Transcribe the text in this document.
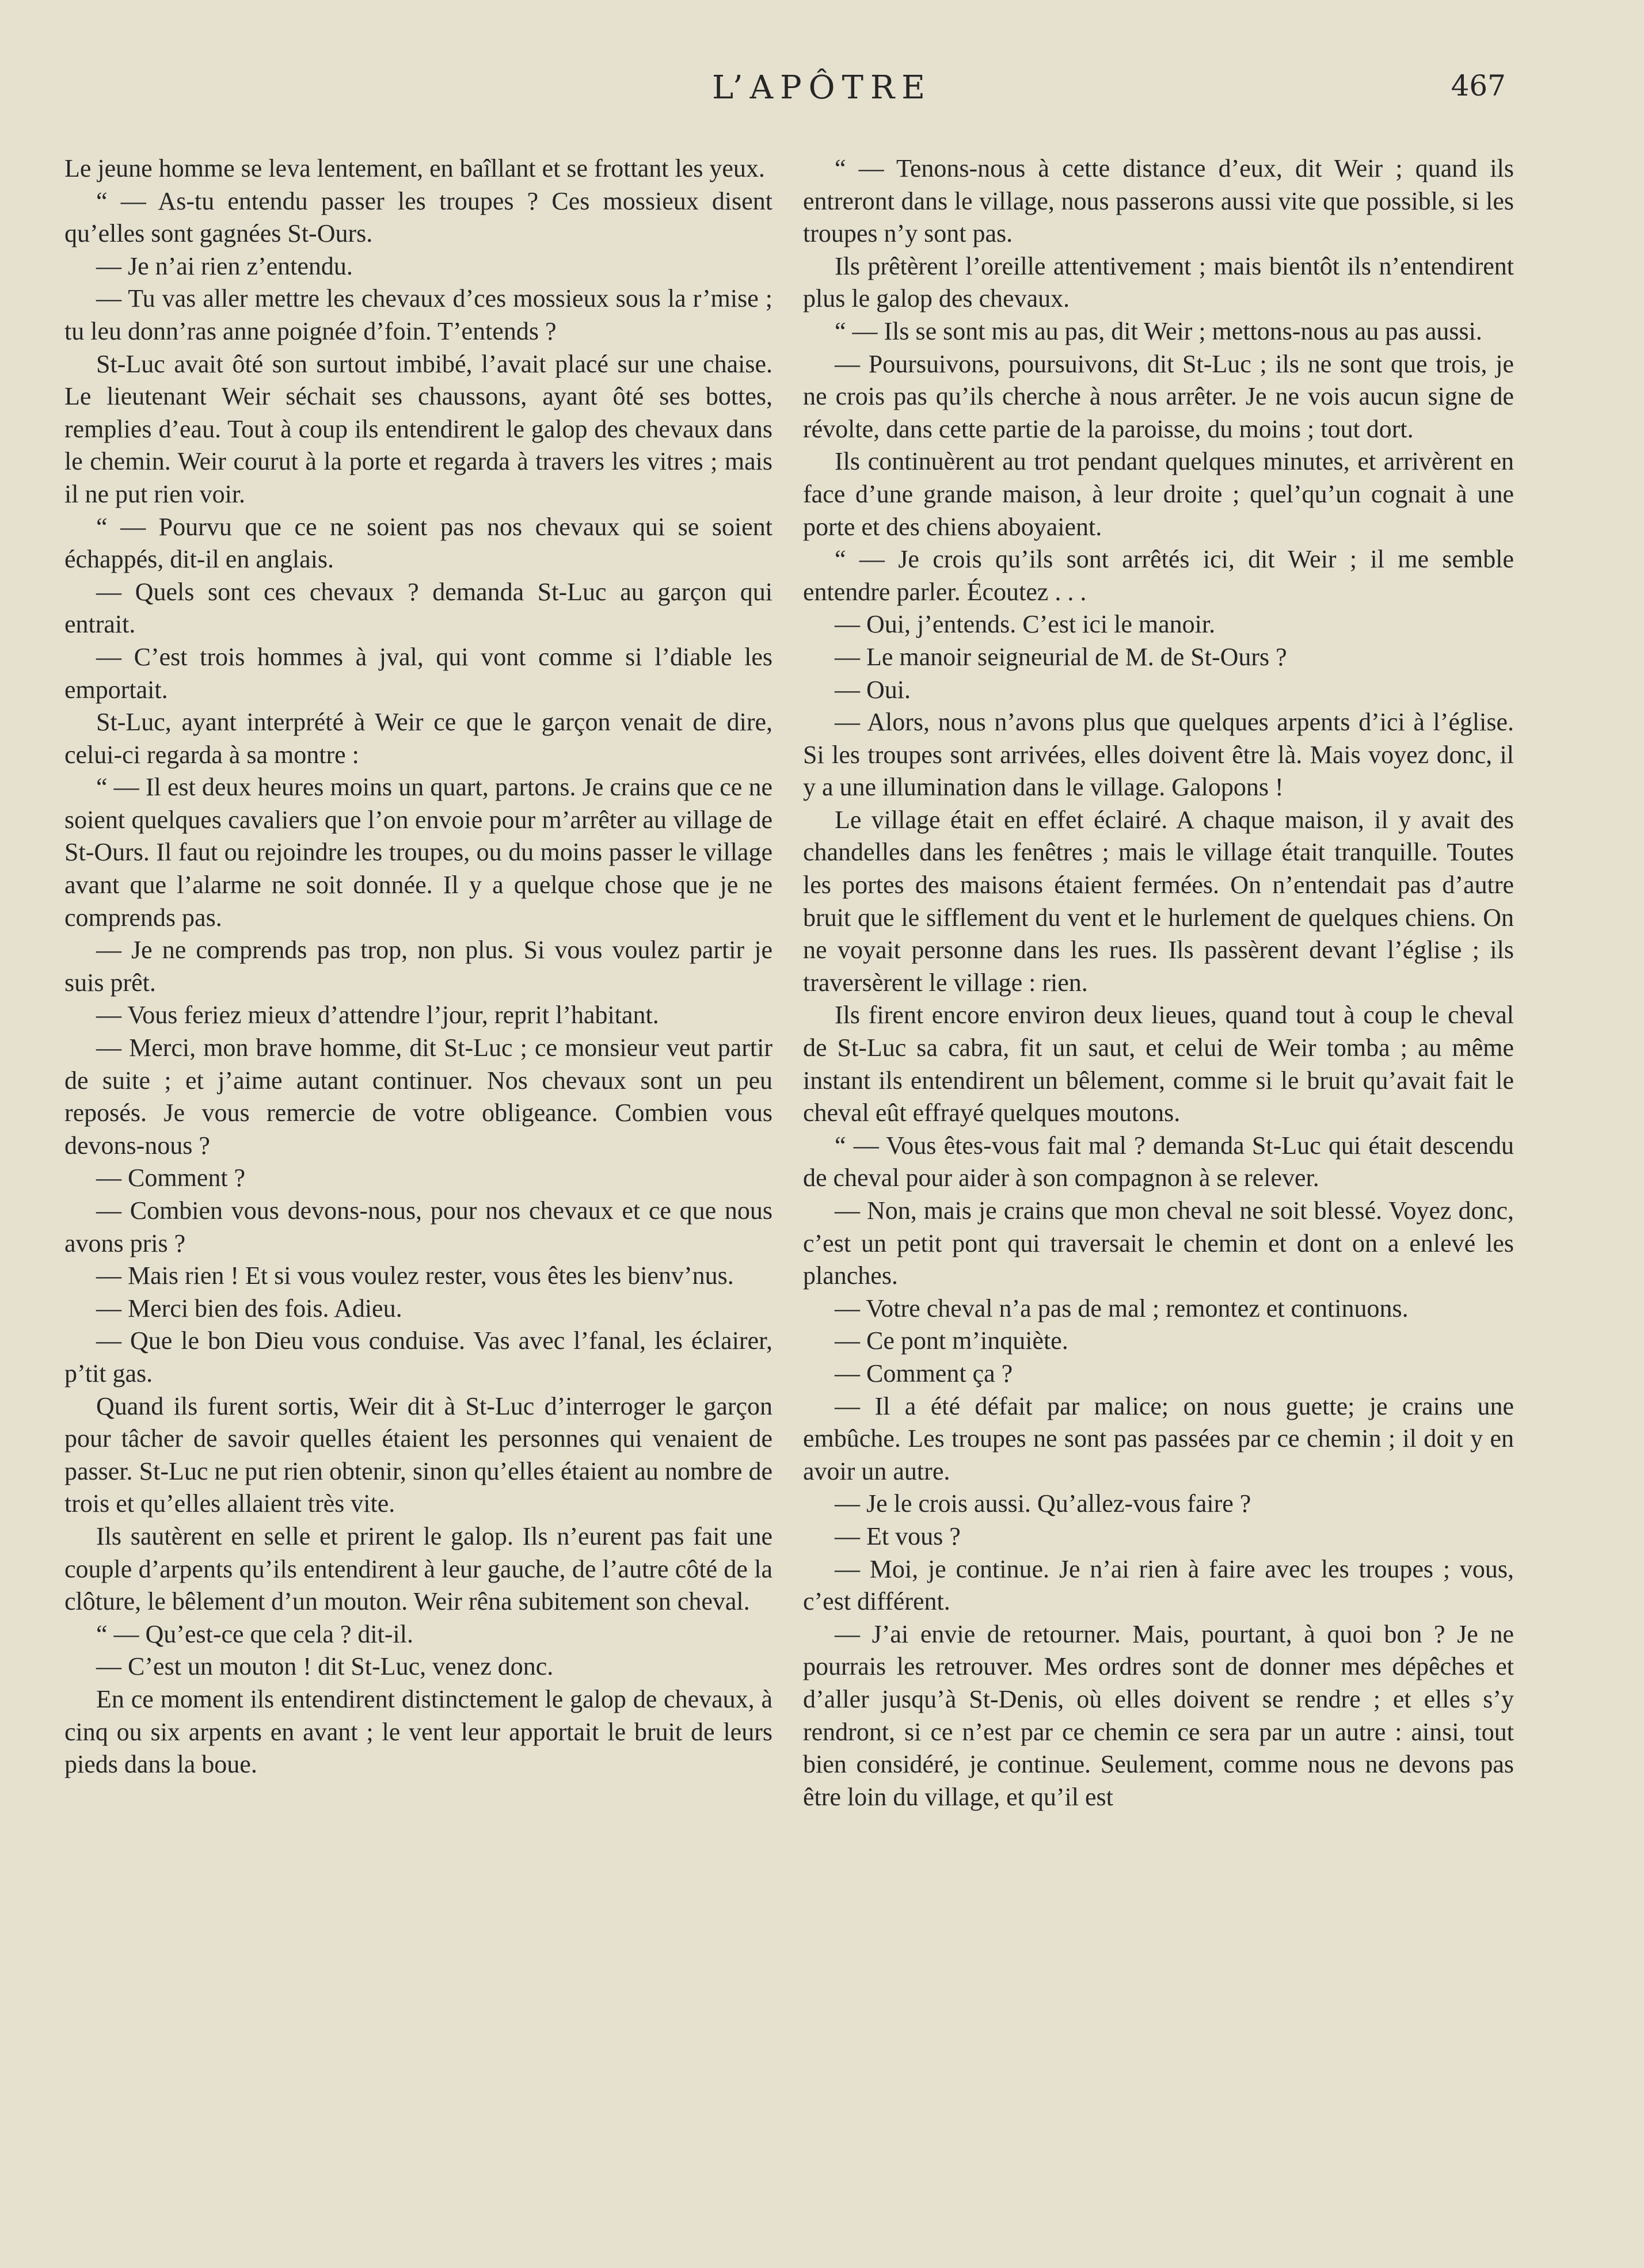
L’APÔTRE	467

Le jeune homme se leva lentement, en baîllant et se frottant les yeux.

“ — As-tu entendu passer les troupes ? Ces mossieux disent qu’elles sont gagnées St-Ours.

— Je n’ai rien z’entendu.

— Tu vas aller mettre les chevaux d’ces mossieux sous la r’mise ; tu leu donn’ras anne poignée d’foin. T’entends ?

St-Luc avait ôté son surtout imbibé, l’avait placé sur une chaise. Le lieutenant Weir séchait ses chaussons, ayant ôté ses bottes, remplies d’eau. Tout à coup ils entendirent le galop des chevaux dans le chemin. Weir courut à la porte et regarda à travers les vitres ; mais il ne put rien voir.

“ — Pourvu que ce ne soient pas nos chevaux qui se soient échappés, dit-il en anglais.

— Quels sont ces chevaux ? demanda St-Luc au garçon qui entrait.

— C’est trois hommes à jval, qui vont comme si l’diable les emportait.

St-Luc, ayant interprété à Weir ce que le garçon venait de dire, celui-ci regarda à sa montre :

“ — Il est deux heures moins un quart, partons. Je crains que ce ne soient quelques cavaliers que l’on envoie pour m’arrêter au village de St-Ours. Il faut ou rejoindre les troupes, ou du moins passer le village avant que l’alarme ne soit donnée. Il y a quelque chose que je ne comprends pas.

— Je ne comprends pas trop, non plus. Si vous voulez partir je suis prêt.

— Vous feriez mieux d’attendre l’jour, reprit l’habitant.

— Merci, mon brave homme, dit St-Luc ; ce monsieur veut partir de suite ; et j’aime autant continuer. Nos chevaux sont un peu reposés. Je vous remercie de votre obligeance. Combien vous devons-nous ?

— Comment ?

— Combien vous devons-nous, pour nos chevaux et ce que nous avons pris ?

— Mais rien ! Et si vous voulez rester, vous êtes les bienv’nus.

— Merci bien des fois. Adieu.

— Que le bon Dieu vous conduise. Vas avec l’fanal, les éclairer, p’tit gas.

Quand ils furent sortis, Weir dit à St-Luc d’interroger le garçon pour tâcher de savoir quelles étaient les personnes qui venaient de passer. St-Luc ne put rien obtenir, sinon qu’elles étaient au nombre de trois et qu’elles allaient très vite.

Ils sautèrent en selle et prirent le galop. Ils n’eurent pas fait une couple d’arpents qu’ils entendirent à leur gauche, de l’autre côté de la clôture, le bêlement d’un mouton. Weir rêna subitement son cheval.

“ — Qu’est-ce que cela ? dit-il.

— C’est un mouton ! dit St-Luc, venez donc.

En ce moment ils entendirent distinctement le galop de chevaux, à cinq ou six arpents en avant ; le vent leur apportait le bruit de leurs pieds dans la boue.

“ — Tenons-nous à cette distance d’eux, dit Weir ; quand ils entreront dans le village, nous passerons aussi vite que possible, si les troupes n’y sont pas.

Ils prêtèrent l’oreille attentivement ; mais bientôt ils n’entendirent plus le galop des chevaux.

“ — Ils se sont mis au pas, dit Weir ; mettons-nous au pas aussi.

— Poursuivons, poursuivons, dit St-Luc ; ils ne sont que trois, je ne crois pas qu’ils cherche à nous arrêter. Je ne vois aucun signe de révolte, dans cette partie de la paroisse, du moins ; tout dort.

Ils continuèrent au trot pendant quelques minutes, et arrivèrent en face d’une grande maison, à leur droite ; quel’qu’un cognait à une porte et des chiens aboyaient.

“ — Je crois qu’ils sont arrêtés ici, dit Weir ; il me semble entendre parler. Écoutez . . .

— Oui, j’entends. C’est ici le manoir.

— Le manoir seigneurial de M. de St-Ours ?

— Oui.

— Alors, nous n’avons plus que quelques arpents d’ici à l’église. Si les troupes sont arrivées, elles doivent être là. Mais voyez donc, il y a une illumination dans le village. Galopons !

Le village était en effet éclairé. A chaque maison, il y avait des chandelles dans les fenêtres ; mais le village était tranquille. Toutes les portes des maisons étaient fermées. On n’entendait pas d’autre bruit que le sifflement du vent et le hurlement de quelques chiens. On ne voyait personne dans les rues. Ils passèrent devant l’église ; ils traversèrent le village : rien.

Ils firent encore environ deux lieues, quand tout à coup le cheval de St-Luc sa cabra, fit un saut, et celui de Weir tomba ; au même instant ils entendirent un bêlement, comme si le bruit qu’avait fait le cheval eût effrayé quelques moutons.

“ — Vous êtes-vous fait mal ? demanda St-Luc qui était descendu de cheval pour aider à son compagnon à se relever.

— Non, mais je crains que mon cheval ne soit blessé. Voyez donc, c’est un petit pont qui traversait le chemin et dont on a enlevé les planches.

— Votre cheval n’a pas de mal ; remontez et continuons.

— Ce pont m’inquiète.

— Comment ça ?

— Il a été défait par malice; on nous guette; je crains une embûche. Les troupes ne sont pas passées par ce chemin ; il doit y en avoir un autre.

— Je le crois aussi. Qu’allez-vous faire ?

— Et vous ?

— Moi, je continue. Je n’ai rien à faire avec les troupes ; vous, c’est différent.

— J’ai envie de retourner. Mais, pourtant, à quoi bon ? Je ne pourrais les retrouver. Mes ordres sont de donner mes dépêches et d’aller jusqu’à St-Denis, où elles doivent se rendre ; et elles s’y rendront, si ce n’est par ce chemin ce sera par un autre : ainsi, tout bien considéré, je continue. Seulement, comme nous ne devons pas être loin du village, et qu’il est
